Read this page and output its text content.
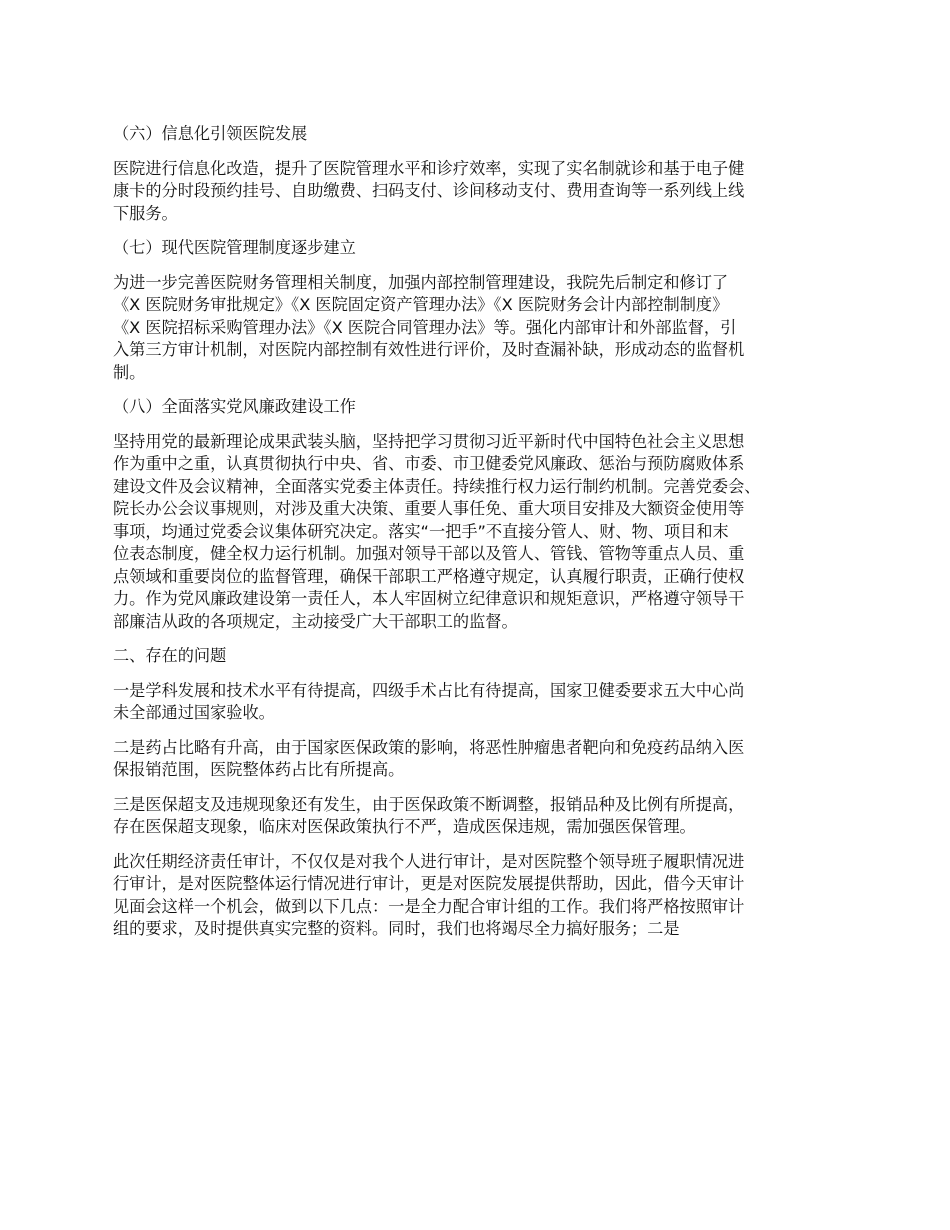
（六）信息化引领医院发展

医院进行信息化改造，提升了医院管理水平和诊疗效率，实现了实名制就诊和基于电子健
康卡的分时段预约挂号、自助缴费、扫码支付、诊间移动支付、费用查询等一系列线上线
下服务。

（七）现代医院管理制度逐步建立

为进一步完善医院财务管理相关制度，加强内部控制管理建设，我院先后制定和修订了
《X 医院财务审批规定》《X 医院固定资产管理办法》《X 医院财务会计内部控制制度》
《X 医院招标采购管理办法》《X 医院合同管理办法》等。强化内部审计和外部监督，引
入第三方审计机制，对医院内部控制有效性进行评价，及时查漏补缺，形成动态的监督机
制。

（八）全面落实党风廉政建设工作

坚持用党的最新理论成果武装头脑，坚持把学习贯彻习近平新时代中国特色社会主义思想
作为重中之重，认真贯彻执行中央、省、市委、市卫健委党风廉政、惩治与预防腐败体系
建设文件及会议精神，全面落实党委主体责任。持续推行权力运行制约机制。完善党委会、
院长办公会议事规则，对涉及重大决策、重要人事任免、重大项目安排及大额资金使用等
事项，均通过党委会议集体研究决定。落实“一把手”不直接分管人、财、物、项目和末
位表态制度，健全权力运行机制。加强对领导干部以及管人、管钱、管物等重点人员、重
点领域和重要岗位的监督管理，确保干部职工严格遵守规定，认真履行职责，正确行使权
力。作为党风廉政建设第一责任人，本人牢固树立纪律意识和规矩意识，严格遵守领导干
部廉洁从政的各项规定，主动接受广大干部职工的监督。

二、存在的问题

一是学科发展和技术水平有待提高，四级手术占比有待提高，国家卫健委要求五大中心尚
未全部通过国家验收。

二是药占比略有升高，由于国家医保政策的影响，将恶性肿瘤患者靶向和免疫药品纳入医
保报销范围，医院整体药占比有所提高。

三是医保超支及违规现象还有发生，由于医保政策不断调整，报销品种及比例有所提高，
存在医保超支现象，临床对医保政策执行不严，造成医保违规，需加强医保管理。

此次任期经济责任审计，不仅仅是对我个人进行审计，是对医院整个领导班子履职情况进
行审计，是对医院整体运行情况进行审计，更是对医院发展提供帮助，因此，借今天审计
见面会这样一个机会，做到以下几点：一是全力配合审计组的工作。我们将严格按照审计
组的要求，及时提供真实完整的资料。同时，我们也将竭尽全力搞好服务；二是
